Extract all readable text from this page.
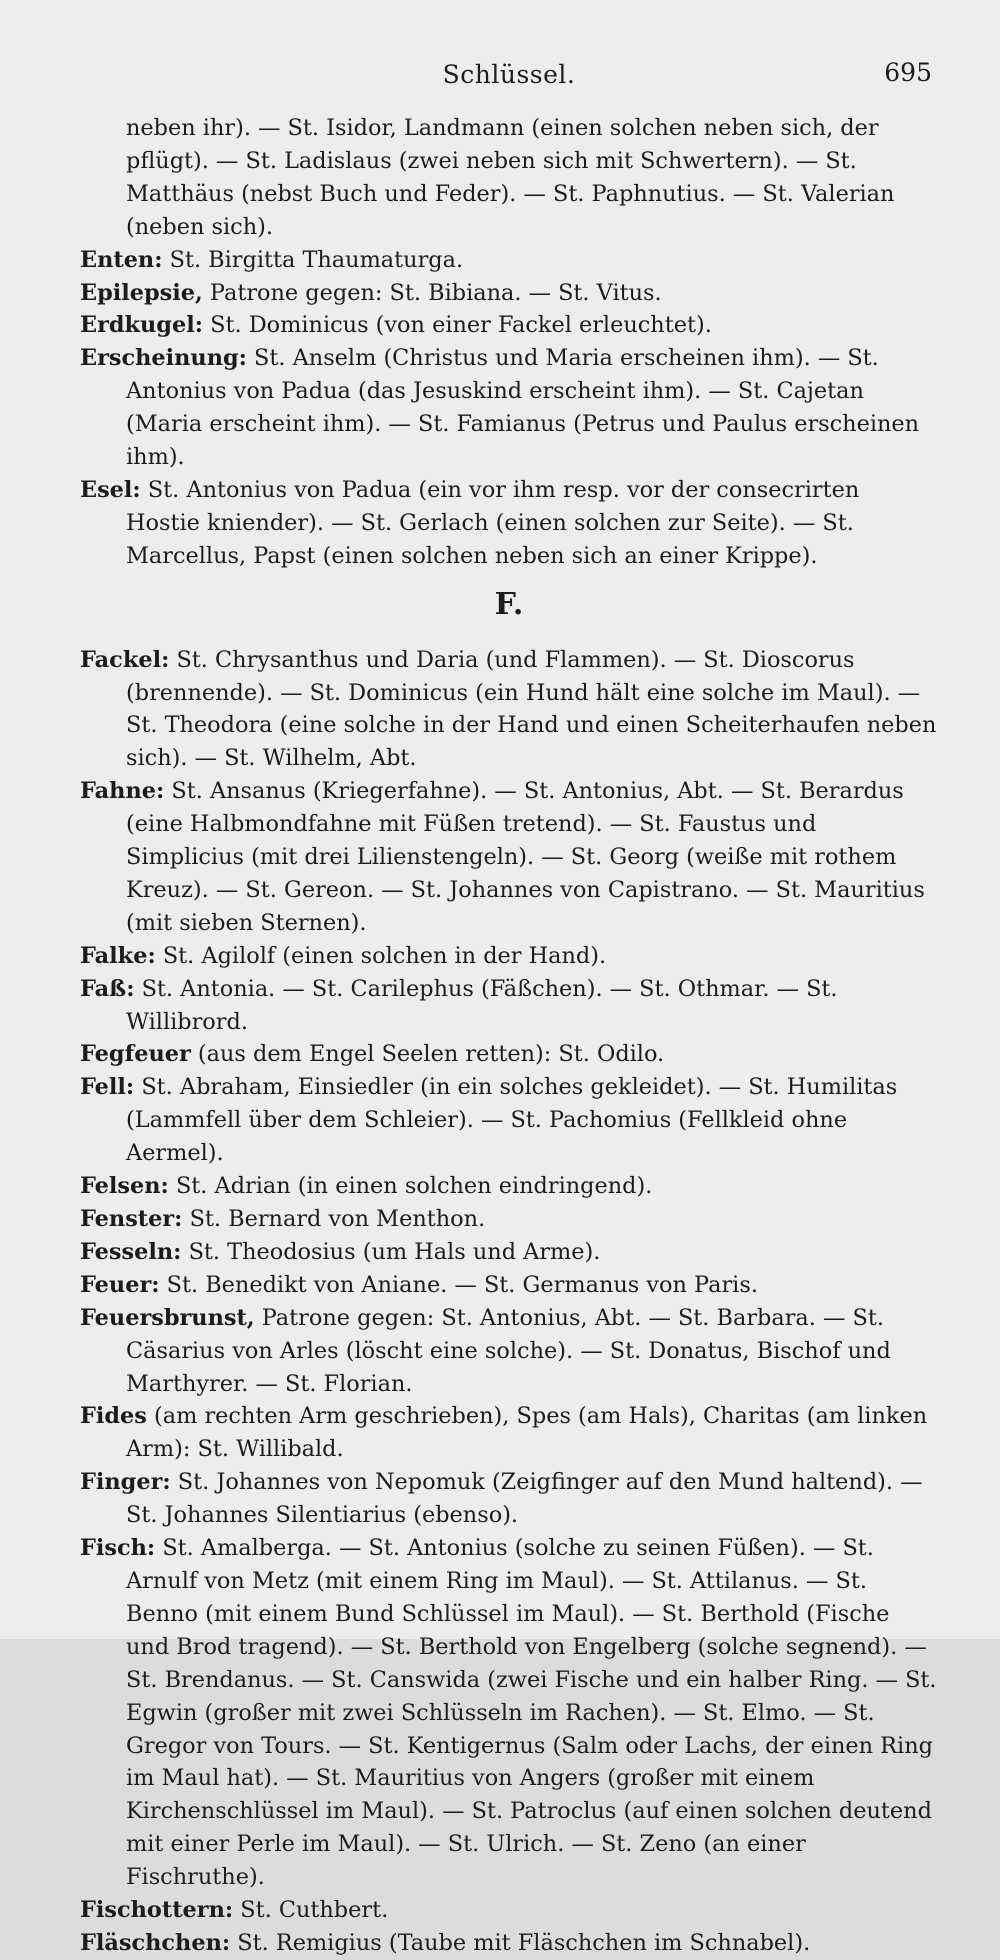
Schlüssel.	695

neben ihr). — St. Isidor, Landmann (einen solchen neben sich, der pflügt). — St. Ladislaus (zwei neben sich mit Schwertern). — St. Matthäus (nebst Buch und Feder). — St. Paphnutius. — St. Valerian (neben sich).

Enten: St. Birgitta Thaumaturga.

Epilepsie, Patrone gegen: St. Bibiana. — St. Vitus.

Erdkugel: St. Dominicus (von einer Fackel erleuchtet).

Erscheinung: St. Anselm (Christus und Maria erscheinen ihm). — St. Antonius von Padua (das Jesuskind erscheint ihm). — St. Cajetan (Maria erscheint ihm). — St. Famianus (Petrus und Paulus erscheinen ihm).

Esel: St. Antonius von Padua (ein vor ihm resp. vor der consecrirten Hostie kniender). — St. Gerlach (einen solchen zur Seite). — St. Marcellus, Papst (einen solchen neben sich an einer Krippe).

F.

Fackel: St. Chrysanthus und Daria (und Flammen). — St. Dioscorus (brennende). — St. Dominicus (ein Hund hält eine solche im Maul). — St. Theodora (eine solche in der Hand und einen Scheiterhaufen neben sich). — St. Wilhelm, Abt.

Fahne: St. Ansanus (Kriegerfahne). — St. Antonius, Abt. — St. Berardus (eine Halbmondfahne mit Füßen tretend). — St. Faustus und Simplicius (mit drei Lilienstengeln). — St. Georg (weiße mit rothem Kreuz). — St. Gereon. — St. Johannes von Capistrano. — St. Mauritius (mit sieben Sternen).

Falke: St. Agilolf (einen solchen in der Hand).

Faß: St. Antonia. — St. Carilephus (Fäßchen). — St. Othmar. — St. Willibrord.

Fegfeuer (aus dem Engel Seelen retten): St. Odilo.

Fell: St. Abraham, Einsiedler (in ein solches gekleidet). — St. Humilitas (Lammfell über dem Schleier). — St. Pachomius (Fellkleid ohne Aermel).

Felsen: St. Adrian (in einen solchen eindringend).

Fenster: St. Bernard von Menthon.

Fesseln: St. Theodosius (um Hals und Arme).

Feuer: St. Benedikt von Aniane. — St. Germanus von Paris.

Feuersbrunst, Patrone gegen: St. Antonius, Abt. — St. Barbara. — St. Cäsarius von Arles (löscht eine solche). — St. Donatus, Bischof und Marthyrer. — St. Florian.

Fides (am rechten Arm geschrieben), Spes (am Hals), Charitas (am linken Arm): St. Willibald.

Finger: St. Johannes von Nepomuk (Zeigfinger auf den Mund haltend). — St. Johannes Silentiarius (ebenso).

Fisch: St. Amalberga. — St. Antonius (solche zu seinen Füßen). — St. Arnulf von Metz (mit einem Ring im Maul). — St. Attilanus. — St. Benno (mit einem Bund Schlüssel im Maul). — St. Berthold (Fische und Brod tragend). — St. Berthold von Engelberg (solche segnend). — St. Brendanus. — St. Canswida (zwei Fische und ein halber Ring. — St. Egwin (großer mit zwei Schlüsseln im Rachen). — St. Elmo. — St. Gregor von Tours. — St. Kentigernus (Salm oder Lachs, der einen Ring im Maul hat). — St. Mauritius von Angers (großer mit einem Kirchenschlüssel im Maul). — St. Patroclus (auf einen solchen deutend mit einer Perle im Maul). — St. Ulrich. — St. Zeno (an einer Fischruthe).

Fischottern: St. Cuthbert.

Fläschchen: St. Remigius (Taube mit Fläschchen im Schnabel).
